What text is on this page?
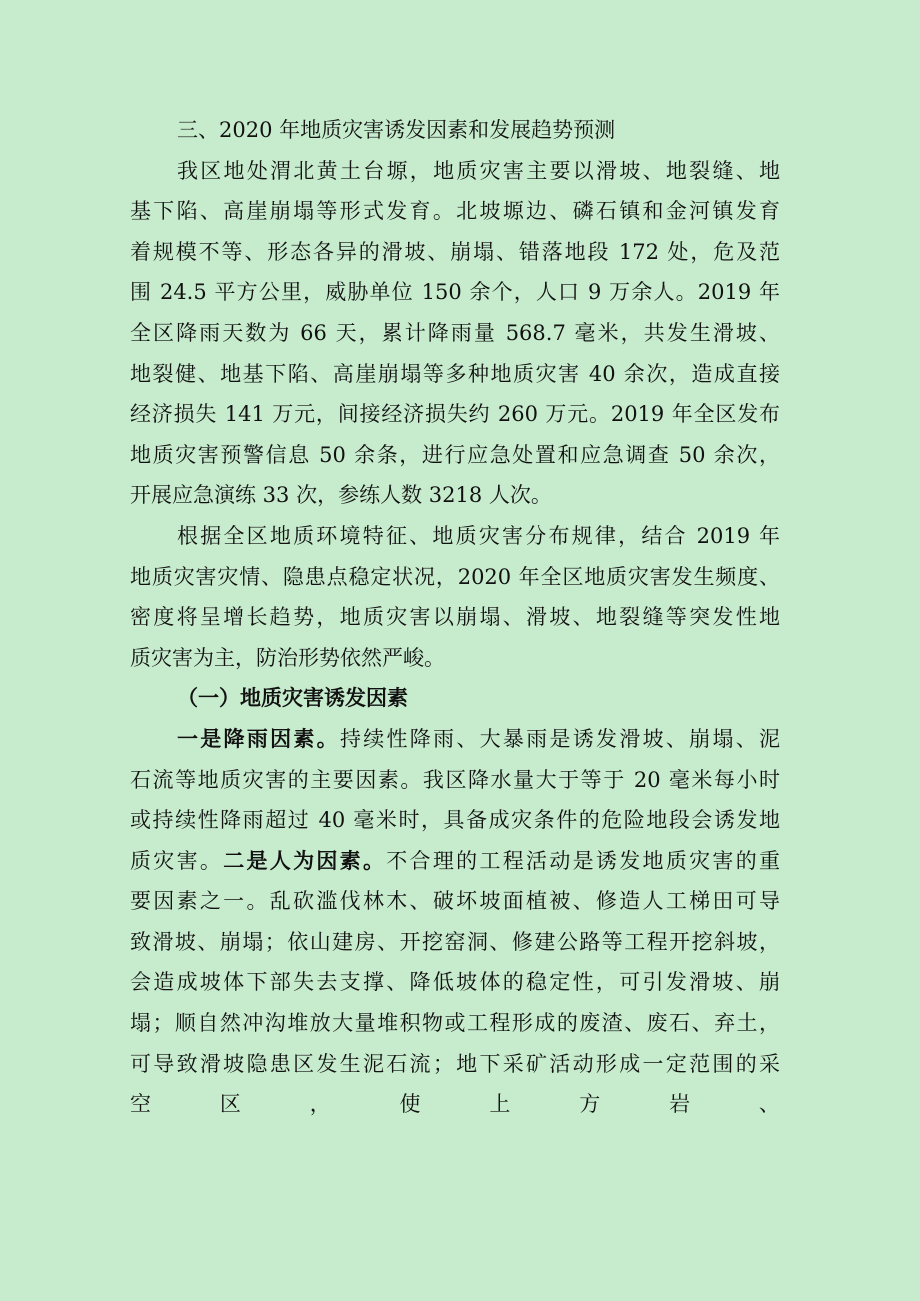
三、2020 年地质灾害诱发因素和发展趋势预测
我区地处渭北黄土台塬，地质灾害主要以滑坡、地裂缝、地
基下陷、高崖崩塌等形式发育。北坡塬边、磷石镇和金河镇发育
着规模不等、形态各异的滑坡、崩塌、错落地段 172 处，危及范
围 24.5 平方公里，威胁单位 150 余个，人口 9 万余人。2019 年
全区降雨天数为 66 天，累计降雨量 568.7 毫米，共发生滑坡、
地裂健、地基下陷、高崖崩塌等多种地质灾害 40 余次，造成直接
经济损失 141 万元，间接经济损失约 260 万元。2019 年全区发布
地质灾害预警信息 50 余条，进行应急处置和应急调查 50 余次，
开展应急演练 33 次，参练人数 3218 人次。
根据全区地质环境特征、地质灾害分布规律，结合 2019 年
地质灾害灾情、隐患点稳定状况，2020 年全区地质灾害发生频度、
密度将呈增长趋势，地质灾害以崩塌、滑坡、地裂缝等突发性地
质灾害为主，防治形势依然严峻。
（一）地质灾害诱发因素
一是降雨因素。持续性降雨、大暴雨是诱发滑坡、崩塌、泥
石流等地质灾害的主要因素。我区降水量大于等于 20 毫米每小时
或持续性降雨超过 40 毫米时，具备成灾条件的危险地段会诱发地
质灾害。二是人为因素。不合理的工程活动是诱发地质灾害的重
要因素之一。乱砍滥伐林木、破坏坡面植被、修造人工梯田可导
致滑坡、崩塌；依山建房、开挖窑洞、修建公路等工程开挖斜坡，
会造成坡体下部失去支撑、降低坡体的稳定性，可引发滑坡、崩
塌；顺自然冲沟堆放大量堆积物或工程形成的废渣、废石、弃土，
可导致滑坡隐患区发生泥石流；地下采矿活动形成一定范围的采
空	区	，	使	上	方	岩	、
